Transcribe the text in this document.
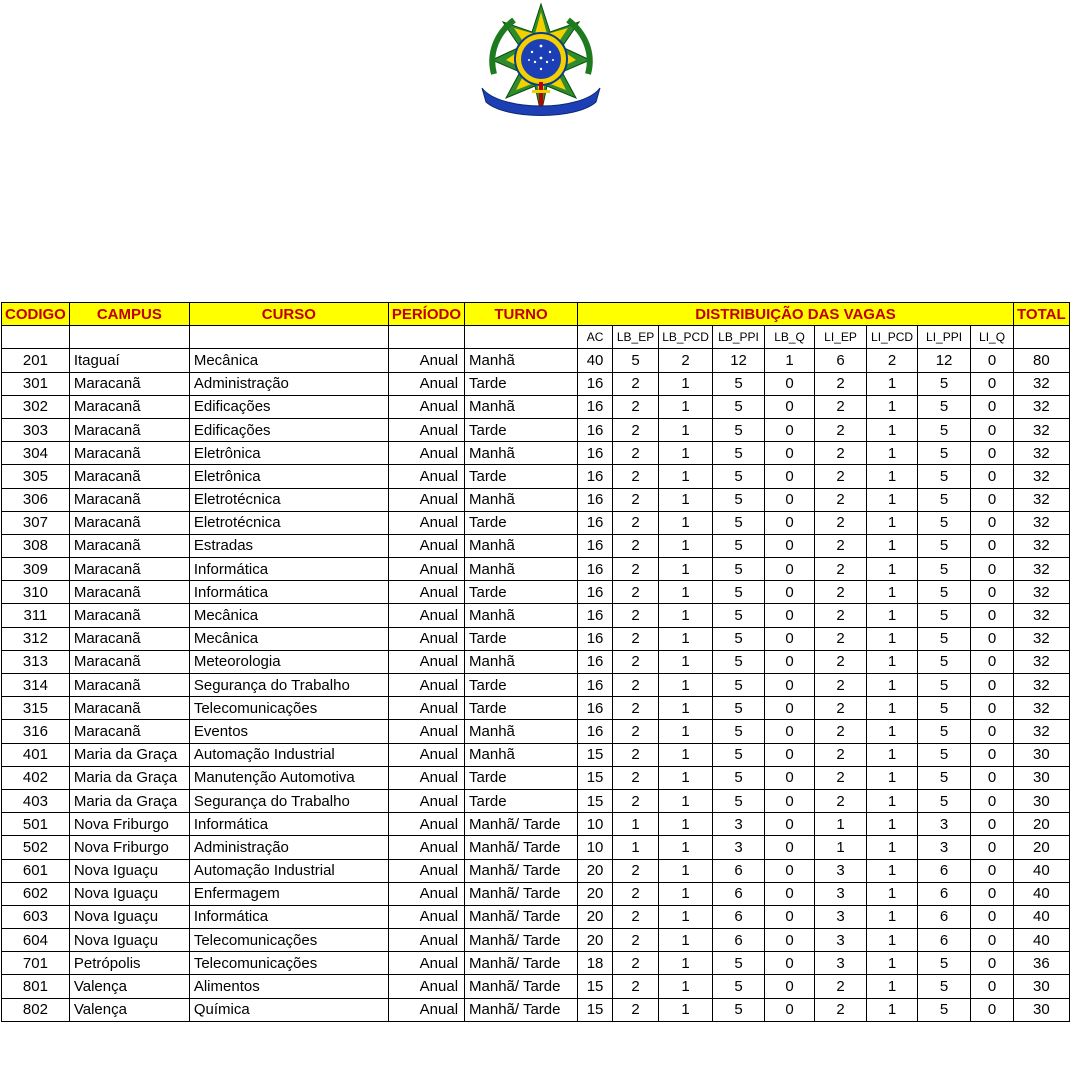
CODIGO	CAMPUS	CURSO	PERÍODO	TURNO	DISTRIBUIÇÃO DAS VAGAS									TOTAL
					AC	LB_EP	LB_PCD	LB_PPI	LB_Q	LI_EP	LI_PCD	LI_PPI	LI_Q	
201	Itaguaí	Mecânica	Anual	Manhã	40	5	2	12	1	6	2	12	0	80
301	Maracanã	Administração	Anual	Tarde	16	2	1	5	0	2	1	5	0	32
302	Maracanã	Edificações	Anual	Manhã	16	2	1	5	0	2	1	5	0	32
303	Maracanã	Edificações	Anual	Tarde	16	2	1	5	0	2	1	5	0	32
304	Maracanã	Eletrônica	Anual	Manhã	16	2	1	5	0	2	1	5	0	32
305	Maracanã	Eletrônica	Anual	Tarde	16	2	1	5	0	2	1	5	0	32
306	Maracanã	Eletrotécnica	Anual	Manhã	16	2	1	5	0	2	1	5	0	32
307	Maracanã	Eletrotécnica	Anual	Tarde	16	2	1	5	0	2	1	5	0	32
308	Maracanã	Estradas	Anual	Manhã	16	2	1	5	0	2	1	5	0	32
309	Maracanã	Informática	Anual	Manhã	16	2	1	5	0	2	1	5	0	32
310	Maracanã	Informática	Anual	Tarde	16	2	1	5	0	2	1	5	0	32
311	Maracanã	Mecânica	Anual	Manhã	16	2	1	5	0	2	1	5	0	32
312	Maracanã	Mecânica	Anual	Tarde	16	2	1	5	0	2	1	5	0	32
313	Maracanã	Meteorologia	Anual	Manhã	16	2	1	5	0	2	1	5	0	32
314	Maracanã	Segurança do Trabalho	Anual	Tarde	16	2	1	5	0	2	1	5	0	32
315	Maracanã	Telecomunicações	Anual	Tarde	16	2	1	5	0	2	1	5	0	32
316	Maracanã	Eventos	Anual	Manhã	16	2	1	5	0	2	1	5	0	32
401	Maria da Graça	Automação Industrial	Anual	Manhã	15	2	1	5	0	2	1	5	0	30
402	Maria da Graça	Manutenção Automotiva	Anual	Tarde	15	2	1	5	0	2	1	5	0	30
403	Maria da Graça	Segurança do Trabalho	Anual	Tarde	15	2	1	5	0	2	1	5	0	30
501	Nova Friburgo	Informática	Anual	Manhã/ Tarde	10	1	1	3	0	1	1	3	0	20
502	Nova Friburgo	Administração	Anual	Manhã/ Tarde	10	1	1	3	0	1	1	3	0	20
601	Nova Iguaçu	Automação Industrial	Anual	Manhã/ Tarde	20	2	1	6	0	3	1	6	0	40
602	Nova Iguaçu	Enfermagem	Anual	Manhã/ Tarde	20	2	1	6	0	3	1	6	0	40
603	Nova Iguaçu	Informática	Anual	Manhã/ Tarde	20	2	1	6	0	3	1	6	0	40
604	Nova Iguaçu	Telecomunicações	Anual	Manhã/ Tarde	20	2	1	6	0	3	1	6	0	40
701	Petrópolis	Telecomunicações	Anual	Manhã/ Tarde	18	2	1	5	0	3	1	5	0	36
801	Valença	Alimentos	Anual	Manhã/ Tarde	15	2	1	5	0	2	1	5	0	30
802	Valença	Química	Anual	Manhã/ Tarde	15	2	1	5	0	2	1	5	0	30
